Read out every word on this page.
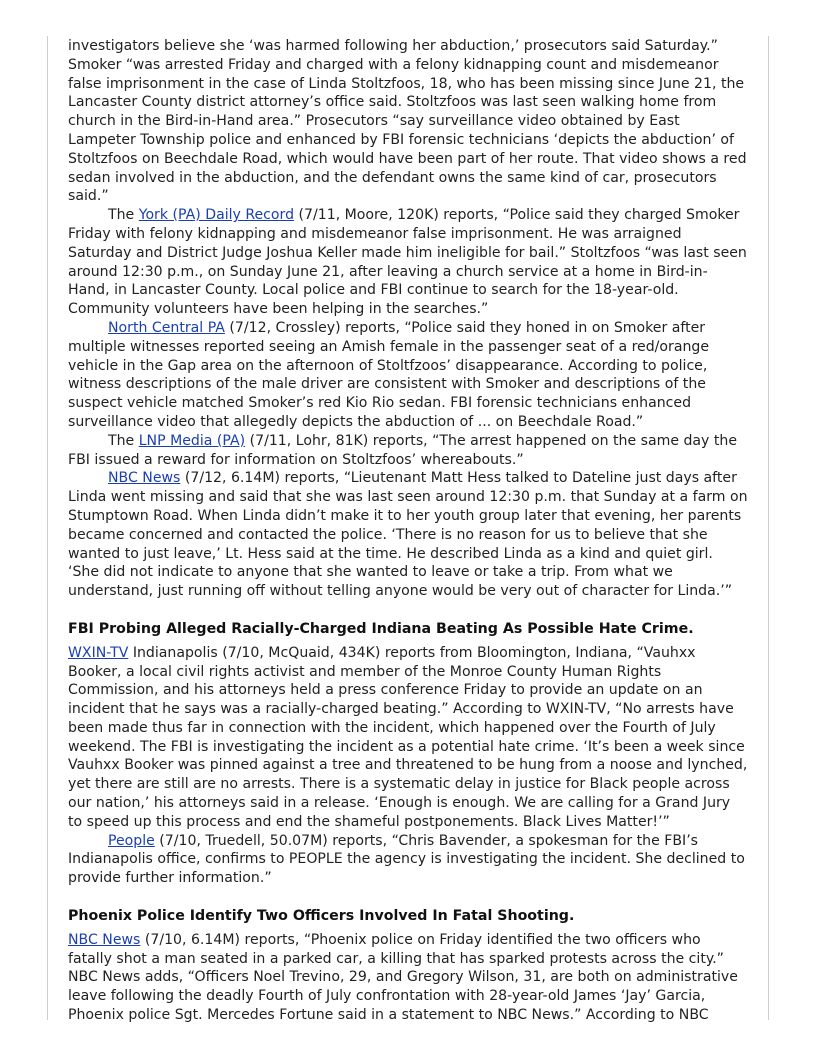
investigators believe she ‘was harmed following her abduction,’ prosecutors said Saturday.” Smoker “was arrested Friday and charged with a felony kidnapping count and misdemeanor false imprisonment in the case of Linda Stoltzfoos, 18, who has been missing since June 21, the Lancaster County district attorney’s office said. Stoltzfoos was last seen walking home from church in the Bird-in-Hand area.” Prosecutors “say surveillance video obtained by East Lampeter Township police and enhanced by FBI forensic technicians ‘depicts the abduction’ of Stoltzfoos on Beechdale Road, which would have been part of her route. That video shows a red sedan involved in the abduction, and the defendant owns the same kind of car, prosecutors said.”

The York (PA) Daily Record (7/11, Moore, 120K) reports, “Police said they charged Smoker Friday with felony kidnapping and misdemeanor false imprisonment. He was arraigned Saturday and District Judge Joshua Keller made him ineligible for bail.” Stoltzfoos “was last seen around 12:30 p.m., on Sunday June 21, after leaving a church service at a home in Bird-in-Hand, in Lancaster County. Local police and FBI continue to search for the 18-year-old. Community volunteers have been helping in the searches.”

North Central PA (7/12, Crossley) reports, “Police said they honed in on Smoker after multiple witnesses reported seeing an Amish female in the passenger seat of a red/orange vehicle in the Gap area on the afternoon of Stoltfzoos’ disappearance. According to police, witness descriptions of the male driver are consistent with Smoker and descriptions of the suspect vehicle matched Smoker’s red Kio Rio sedan. FBI forensic technicians enhanced surveillance video that allegedly depicts the abduction of ... on Beechdale Road.”

The LNP Media (PA) (7/11, Lohr, 81K) reports, “The arrest happened on the same day the FBI issued a reward for information on Stoltzfoos’ whereabouts.”

NBC News (7/12, 6.14M) reports, “Lieutenant Matt Hess talked to Dateline just days after Linda went missing and said that she was last seen around 12:30 p.m. that Sunday at a farm on Stumptown Road. When Linda didn’t make it to her youth group later that evening, her parents became concerned and contacted the police. ‘There is no reason for us to believe that she wanted to just leave,’ Lt. Hess said at the time. He described Linda as a kind and quiet girl. ‘She did not indicate to anyone that she wanted to leave or take a trip. From what we understand, just running off without telling anyone would be very out of character for Linda.’”

FBI Probing Alleged Racially-Charged Indiana Beating As Possible Hate Crime.

WXIN-TV Indianapolis (7/10, McQuaid, 434K) reports from Bloomington, Indiana, “Vauhxx Booker, a local civil rights activist and member of the Monroe County Human Rights Commission, and his attorneys held a press conference Friday to provide an update on an incident that he says was a racially-charged beating.” According to WXIN-TV, “No arrests have been made thus far in connection with the incident, which happened over the Fourth of July weekend. The FBI is investigating the incident as a potential hate crime. ‘It’s been a week since Vauhxx Booker was pinned against a tree and threatened to be hung from a noose and lynched, yet there are still are no arrests. There is a systematic delay in justice for Black people across our nation,’ his attorneys said in a release. ‘Enough is enough. We are calling for a Grand Jury to speed up this process and end the shameful postponements. Black Lives Matter!’”

People (7/10, Truedell, 50.07M) reports, “Chris Bavender, a spokesman for the FBI’s Indianapolis office, confirms to PEOPLE the agency is investigating the incident. She declined to provide further information.”

Phoenix Police Identify Two Officers Involved In Fatal Shooting.

NBC News (7/10, 6.14M) reports, “Phoenix police on Friday identified the two officers who fatally shot a man seated in a parked car, a killing that has sparked protests across the city.” NBC News adds, “Officers Noel Trevino, 29, and Gregory Wilson, 31, are both on administrative leave following the deadly Fourth of July confrontation with 28-year-old James ‘Jay’ Garcia, Phoenix police Sgt. Mercedes Fortune said in a statement to NBC News.” According to NBC
